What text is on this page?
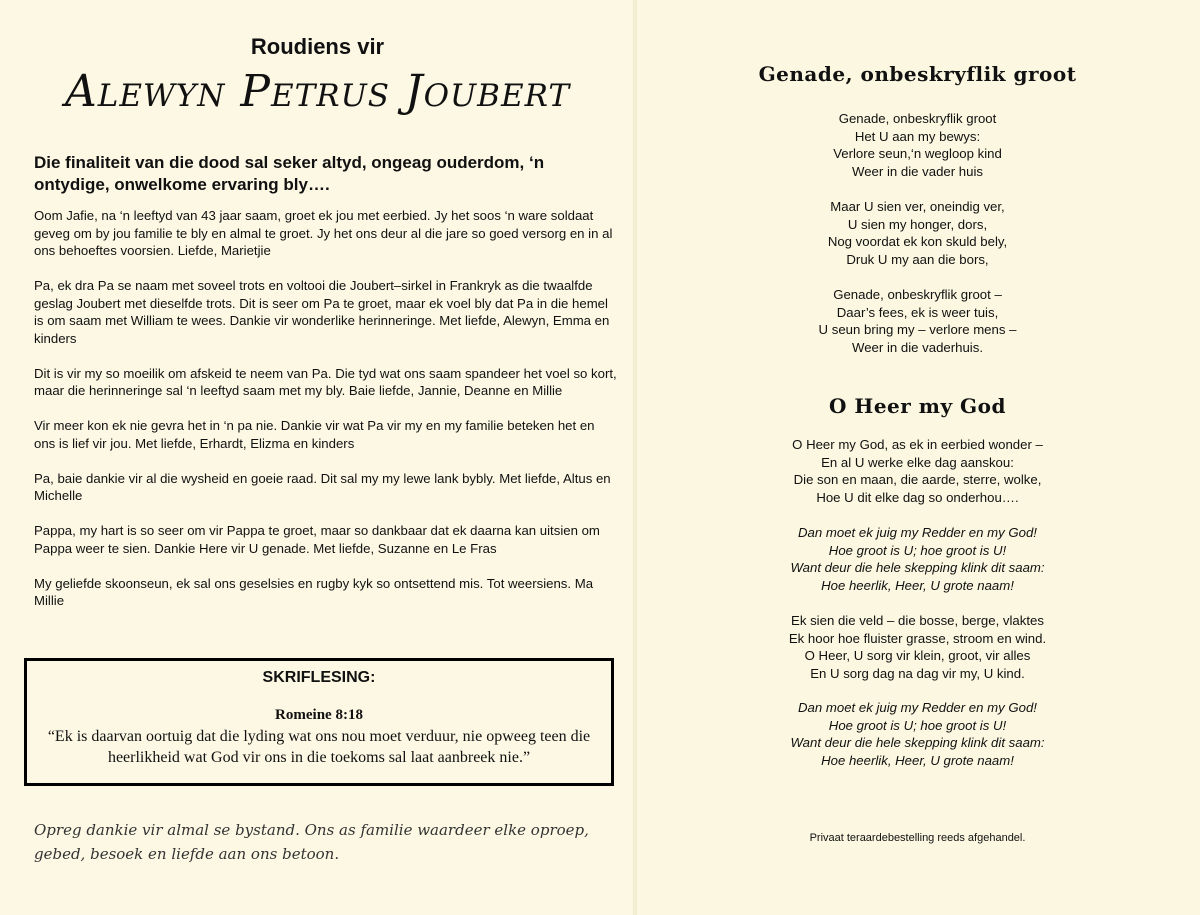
Roudiens vir
Alewyn Petrus Joubert
Die finaliteit van die dood sal seker altyd, ongeag ouderdom, ‘n ontydige, onwelkome ervaring bly….

Oom Jafie, na ‘n leeftyd van 43 jaar saam, groet ek jou met eerbied. Jy het soos ‘n ware soldaat geveg om by jou familie te bly en almal te groet. Jy het ons deur al die jare so goed versorg en in al ons behoeftes voorsien. Liefde, Marietjie

Pa, ek dra Pa se naam met soveel trots en voltooi die Joubert–sirkel in Frankryk as die twaalfde geslag Joubert met dieselfde trots. Dit is seer om Pa te groet, maar ek voel bly dat Pa in die hemel is om saam met William te wees. Dankie vir wonderlike herinneringe. Met liefde, Alewyn, Emma en kinders

Dit is vir my so moeilik om afskeid te neem van Pa. Die tyd wat ons saam spandeer het voel so kort, maar die herinneringe sal ‘n leeftyd saam met my bly. Baie liefde, Jannie, Deanne en Millie

Vir meer kon ek nie gevra het in ‘n pa nie. Dankie vir wat Pa vir my en my familie beteken het en ons is lief vir jou. Met liefde, Erhardt, Elizma en kinders

Pa, baie dankie vir al die wysheid en goeie raad. Dit sal my my lewe lank bybly. Met liefde, Altus en Michelle

Pappa, my hart is so seer om vir Pappa te groet, maar so dankbaar dat ek daarna kan uitsien om Pappa weer te sien. Dankie Here vir U genade. Met liefde, Suzanne en Le Fras

My geliefde skoonseun, ek sal ons geselsies en rugby kyk so ontsettend mis. Tot weersiens. Ma Millie

SKRIFLESING:
Romeine 8:18
“Ek is daarvan oortuig dat die lyding wat ons nou moet verduur, nie opweeg teen die heerlikheid wat God vir ons in die toekoms sal laat aanbreek nie.”
Opreg dankie vir almal se bystand. Ons as familie waardeer elke oproep, gebed, besoek en liefde aan ons betoon.
Genade, onbeskryflik groot
Genade, onbeskryflik groot
Het U aan my bewys:
Verlore seun,‘n wegloop kind
Weer in die vader huis
Maar U sien ver, oneindig ver,
U sien my honger, dors,
Nog voordat ek kon skuld bely,
Druk U my aan die bors,
Genade, onbeskryflik groot –
Daar’s fees, ek is weer tuis,
U seun bring my – verlore mens –
Weer in die vaderhuis.
O Heer my God
O Heer my God, as ek in eerbied wonder –
En al U werke elke dag aanskou:
Die son en maan, die aarde, sterre, wolke,
Hoe U dit elke dag so onderhou….
Dan moet ek juig my Redder en my God!
Hoe groot is U; hoe groot is U!
Want deur die hele skepping klink dit saam:
Hoe heerlik, Heer, U grote naam!
Ek sien die veld – die bosse, berge, vlaktes
Ek hoor hoe fluister grasse, stroom en wind.
O Heer, U sorg vir klein, groot, vir alles
En U sorg dag na dag vir my, U kind.
Dan moet ek juig my Redder en my God!
Hoe groot is U; hoe groot is U!
Want deur die hele skepping klink dit saam:
Hoe heerlik, Heer, U grote naam!
Privaat teraardebestelling reeds afgehandel.
